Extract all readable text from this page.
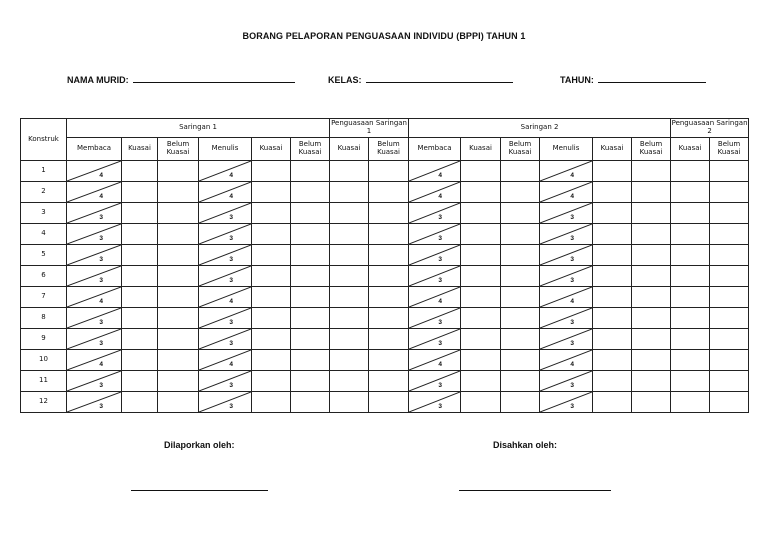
BORANG PELAPORAN PENGUASAAN INDIVIDU (BPPI) TAHUN 1
NAMA MURID:	KELAS:	TAHUN:
Konstruk	Saringan 1						Penguasaan Saringan 1		Saringan 2						Penguasaan Saringan 2	
	Membaca	Kuasai	Belum Kuasai	Menulis	Kuasai	Belum Kuasai	Kuasai	Belum Kuasai	Membaca	Kuasai	Belum Kuasai	Menulis	Kuasai	Belum Kuasai	Kuasai	Belum Kuasai
1	4			4					4			4				

2	4			4					4			4				

3	3			3					3			3				

4	3			3					3			3				

5	3			3					3			3				

6	3			3					3			3				

7	4			4					4			4				

8	3			3					3			3				

9	3			3					3			3				

10	4			4					4			4				

11	3			3					3			3				

12	3			3					3			3				

Dilaporkan oleh:	Disahkan oleh:
